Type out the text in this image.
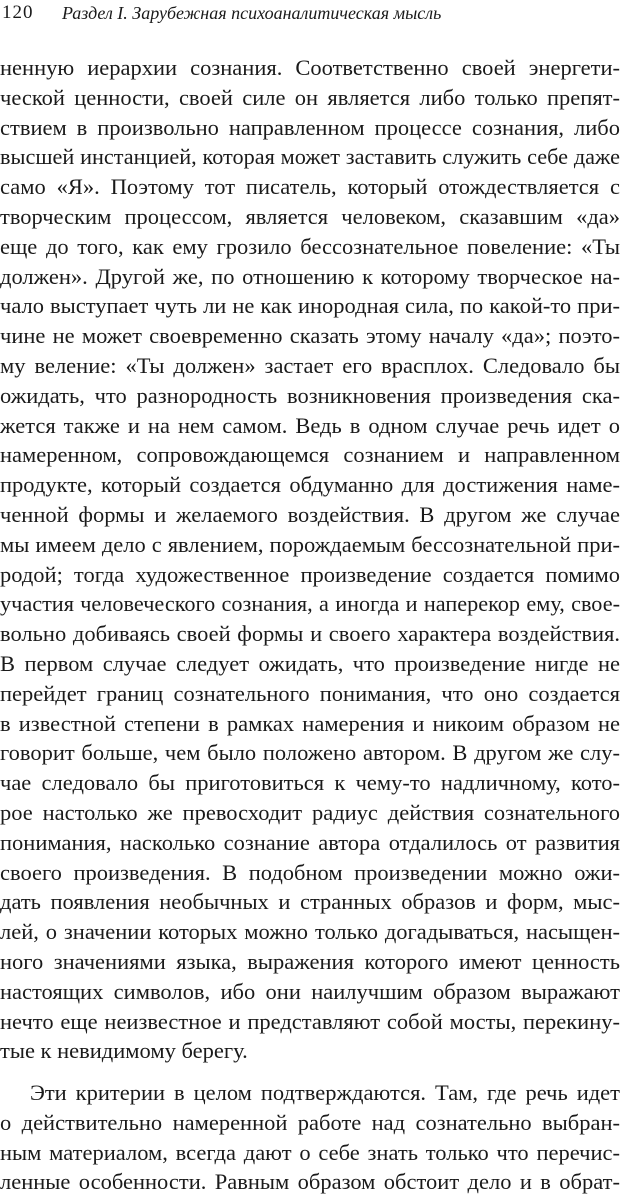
120 Раздел I. Зарубежная психоаналитическая мысль
ненную иерархии сознания. Соответственно своей энергети-
ческой ценности, своей силе он является либо только препят-
ствием в произвольно направленном процессе сознания, либо
высшей инстанцией, которая может заставить служить себе даже
само «Я». Поэтому тот писатель, который отождествляется с
творческим процессом, является человеком, сказавшим «да»
еще до того, как ему грозило бессознательное повеление: «Ты
должен». Другой же, по отношению к которому творческое на-
чало выступает чуть ли не как инородная сила, по какой-то при-
чине не может своевременно сказать этому началу «да»; поэто-
му веление: «Ты должен» застает его врасплох. Следовало бы
ожидать, что разнородность возникновения произведения ска-
жется также и на нем самом. Ведь в одном случае речь идет о
намеренном, сопровождающемся сознанием и направленном
продукте, который создается обдуманно для достижения наме-
ченной формы и желаемого воздействия. В другом же случае
мы имеем дело с явлением, порождаемым бессознательной при-
родой; тогда художественное произведение создается помимо
участия человеческого сознания, а иногда и наперекор ему, свое-
вольно добиваясь своей формы и своего характера воздействия.
В первом случае следует ожидать, что произведение нигде не
перейдет границ сознательного понимания, что оно создается
в известной степени в рамках намерения и никоим образом не
говорит больше, чем было положено автором. В другом же слу-
чае следовало бы приготовиться к чему-то надличному, кото-
рое настолько же превосходит радиус действия сознательного
понимания, насколько сознание автора отдалилось от развития
своего произведения. В подобном произведении можно ожи-
дать появления необычных и странных образов и форм, мыс-
лей, о значении которых можно только догадываться, насыщен-
ного значениями языка, выражения которого имеют ценность
настоящих символов, ибо они наилучшим образом выражают
нечто еще неизвестное и представляют собой мосты, перекину-
тые к невидимому берегу.
Эти критерии в целом подтверждаются. Там, где речь идет
о действительно намеренной работе над сознательно выбран-
ным материалом, всегда дают о себе знать только что перечис-
ленные особенности. Равным образом обстоит дело и в обрат-
